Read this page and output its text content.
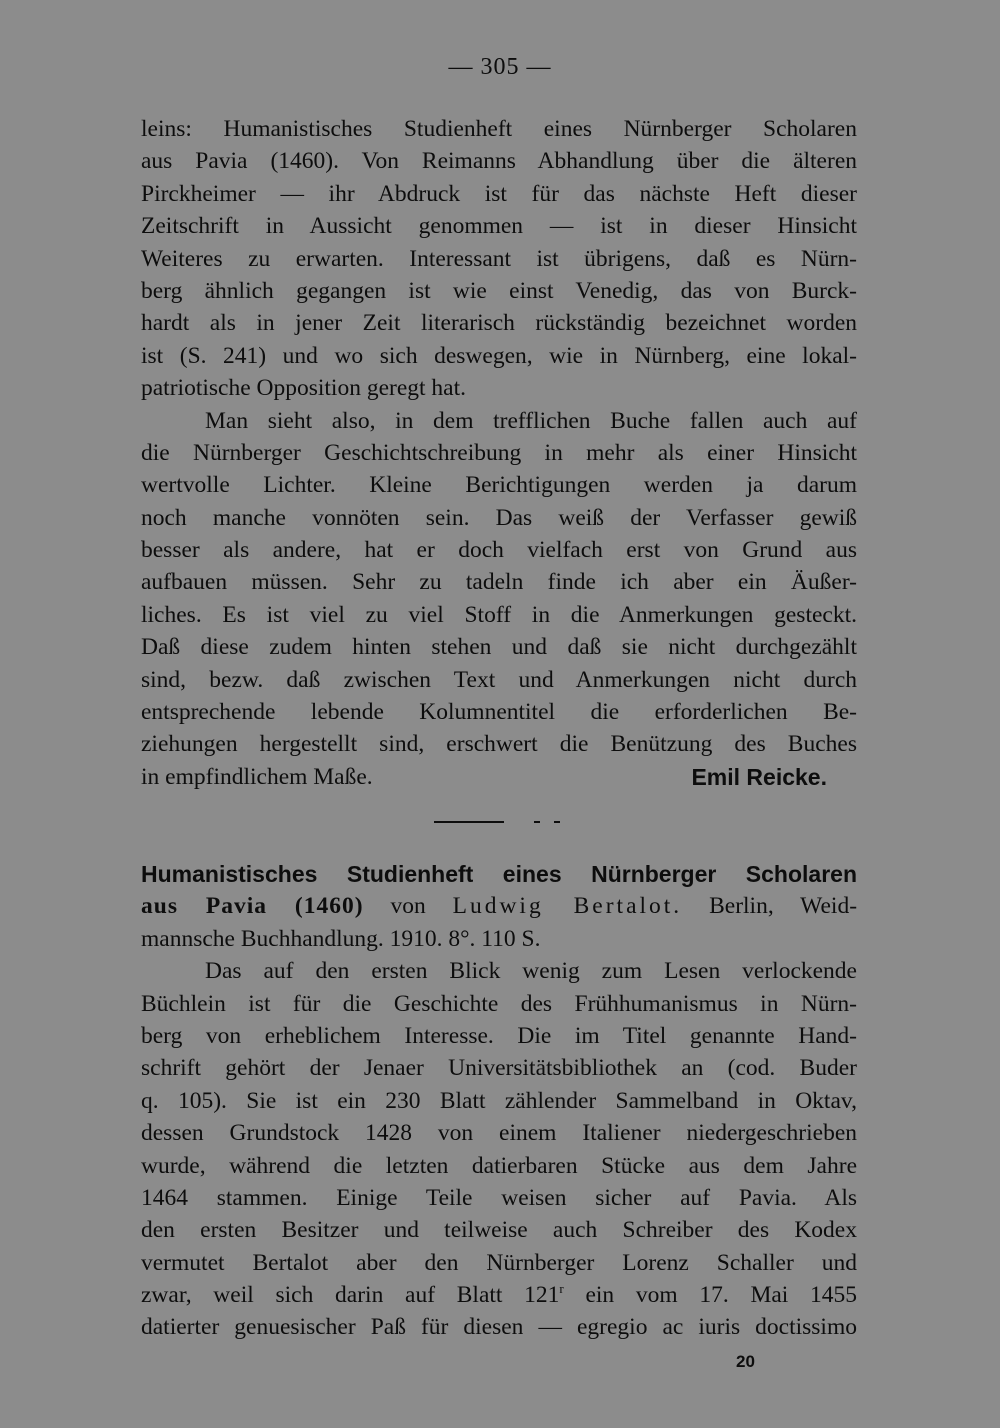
— 305 —
leins: Humanistisches Studienheft eines Nürnberger Scholaren
aus Pavia (1460). Von Reimanns Abhandlung über die älteren
Pirckheimer — ihr Abdruck ist für das nächste Heft dieser
Zeitschrift in Aussicht genommen — ist in dieser Hinsicht
Weiteres zu erwarten. Interessant ist übrigens, daß es Nürn-
berg ähnlich gegangen ist wie einst Venedig, das von Burck-
hardt als in jener Zeit literarisch rückständig bezeichnet worden
ist (S. 241) und wo sich deswegen, wie in Nürnberg, eine lokal-
patriotische Opposition geregt hat.
Man sieht also, in dem trefflichen Buche fallen auch auf
die Nürnberger Geschichtschreibung in mehr als einer Hinsicht
wertvolle Lichter. Kleine Berichtigungen werden ja darum
noch manche vonnöten sein. Das weiß der Verfasser gewiß
besser als andere, hat er doch vielfach erst von Grund aus
aufbauen müssen. Sehr zu tadeln finde ich aber ein Äußer-
liches. Es ist viel zu viel Stoff in die Anmerkungen gesteckt.
Daß diese zudem hinten stehen und daß sie nicht durchgezählt
sind, bezw. daß zwischen Text und Anmerkungen nicht durch
entsprechende lebende Kolumnentitel die erforderlichen Be-
ziehungen hergestellt sind, erschwert die Benützung des Buches
in empfindlichem Maße.	Emil Reicke.
Humanistisches Studienheft eines Nürnberger Scholaren
aus Pavia (1460) von Ludwig Bertalot. Berlin, Weid-
mannsche Buchhandlung. 1910. 8°. 110 S.
Das auf den ersten Blick wenig zum Lesen verlockende
Büchlein ist für die Geschichte des Frühhumanismus in Nürn-
berg von erheblichem Interesse. Die im Titel genannte Hand-
schrift gehört der Jenaer Universitätsbibliothek an (cod. Buder
q. 105). Sie ist ein 230 Blatt zählender Sammelband in Oktav,
dessen Grundstock 1428 von einem Italiener niedergeschrieben
wurde, während die letzten datierbaren Stücke aus dem Jahre
1464 stammen. Einige Teile weisen sicher auf Pavia. Als
den ersten Besitzer und teilweise auch Schreiber des Kodex
vermutet Bertalot aber den Nürnberger Lorenz Schaller und
zwar, weil sich darin auf Blatt 121$^r$ ein vom 17. Mai 1455
datierter genuesischer Paß für diesen — egregio ac iuris doctissimo
20
